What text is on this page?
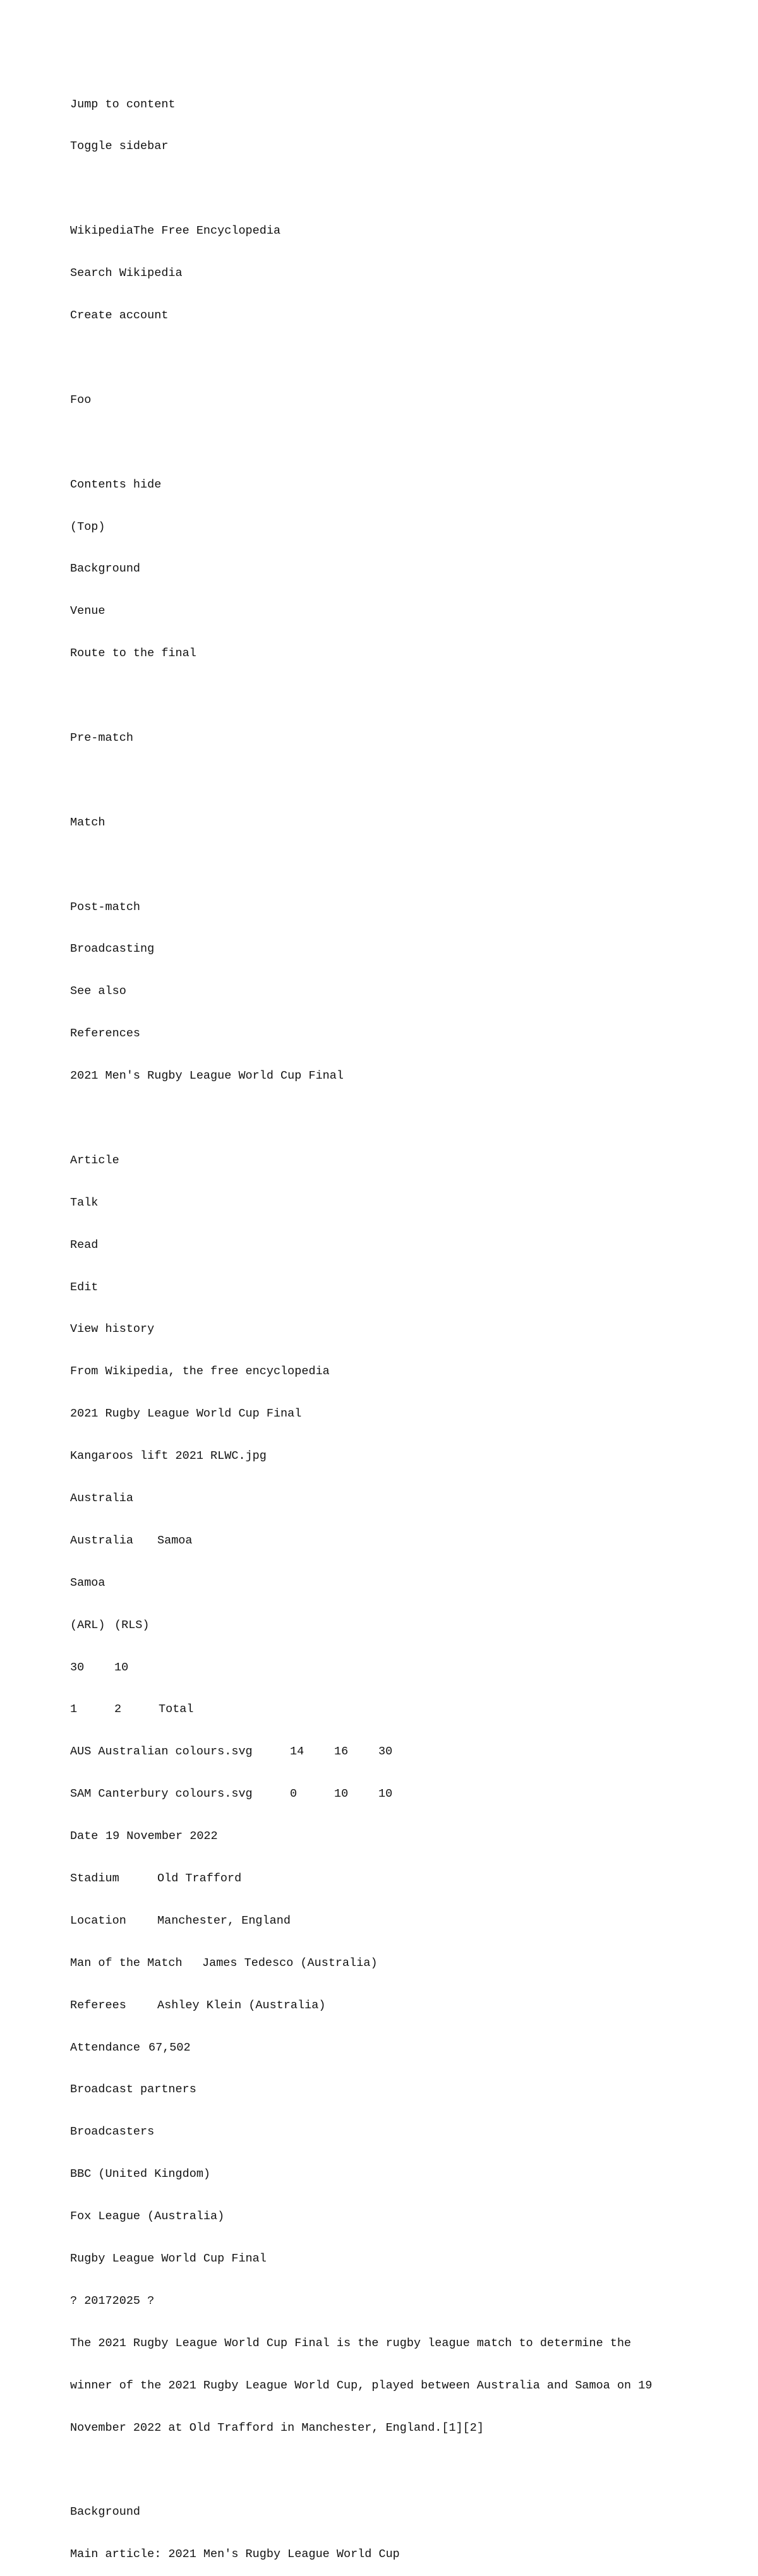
Jump to content

Toggle sidebar

WikipediaThe Free Encyclopedia

Search Wikipedia

Create account

Foo

Contents hide

(Top)

Background

Venue

Route to the final

Pre-match

Match

Post-match

Broadcasting

See also

References

2021 Men's Rugby League World Cup Final

Article

Talk

Read

Edit

View history

From Wikipedia, the free encyclopedia

2021 Rugby League World Cup Final

Kangaroos lift 2021 RLWC.jpg

Australia

Australia Samoa

Samoa

(ARL) (RLS)

30	10

1	2	Total

AUS Australian colours.svg	14	16	30

SAM Canterbury colours.svg	0	10	10

Date 19 November 2022

Stadium	Old Trafford

Location	Manchester, England

Man of the Match James Tedesco (Australia)

Referees	Ashley Klein (Australia)

Attendance 67,502

Broadcast partners

Broadcasters

BBC (United Kingdom)

Fox League (Australia)

Rugby League World Cup Final

? 20172025 ?

The 2021 Rugby League World Cup Final is the rugby league match to determine the

winner of the 2021 Rugby League World Cup, played between Australia and Samoa on 19

November 2022 at Old Trafford in Manchester, England.[1][2]

Background

Main article: 2021 Men's Rugby League World Cup
